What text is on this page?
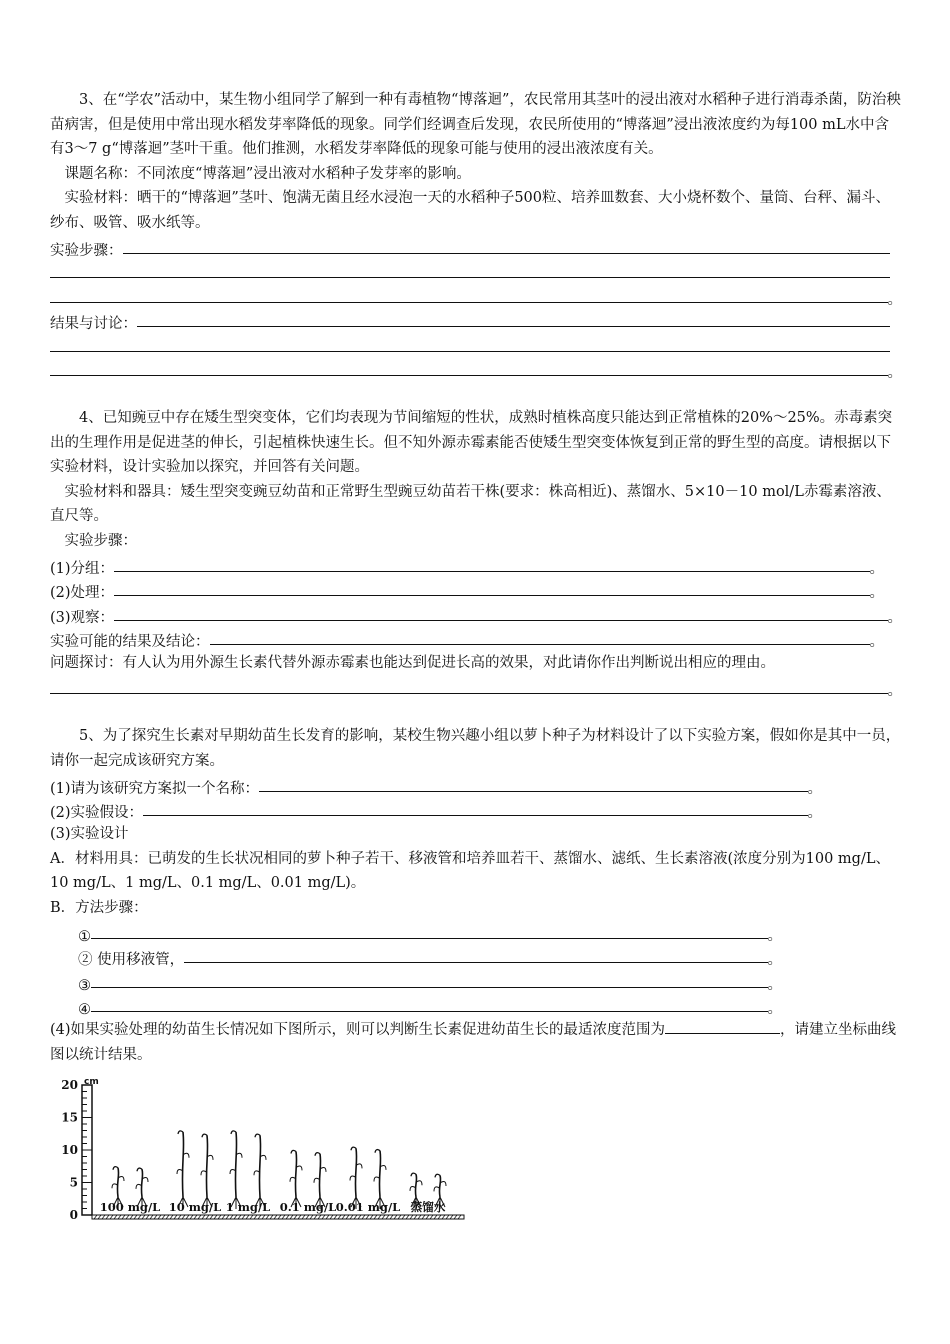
3、在“学农”活动中，某生物小组同学了解到一种有毒植物“博落迴”，农民常用其茎叶的浸出液对水稻种子进行消毒杀菌，防治秧苗病害，但是使用中常出现水稻发芽率降低的现象。同学们经调查后发现，农民所使用的“博落迴”浸出液浓度约为每100 mL水中含有3～7 g“博落迴”茎叶干重。他们推测，水稻发芽率降低的现象可能与使用的浸出液浓度有关。

课题名称：不同浓度“博落迴”浸出液对水稻种子发芽率的影响。

实验材料：晒干的“博落迴”茎叶、饱满无菌且经水浸泡一天的水稻种子500粒、培养皿数套、大小烧杯数个、量筒、台秤、漏斗、纱布、吸管、吸水纸等。

实验步骤：
。
结果与讨论：
。

4、已知豌豆中存在矮生型突变体，它们均表现为节间缩短的性状，成熟时植株高度只能达到正常植株的20%～25%。赤毒素突出的生理作用是促进茎的伸长，引起植株快速生长。但不知外源赤霉素能否使矮生型突变体恢复到正常的野生型的高度。请根据以下实验材料，设计实验加以探究，并回答有关问题。

实验材料和器具：矮生型突变豌豆幼苗和正常野生型豌豆幼苗若干株(要求：株高相近)、蒸馏水、5×10－10 mol/L赤霉素溶液、直尺等。

实验步骤：

(1)分组：	。
(2)处理：	。
(3)观察：	。
实验可能的结果及结论：	。

问题探讨：有人认为用外源生长素代替外源赤霉素也能达到促进长高的效果，对此请你作出判断说出相应的理由。

。

5、为了探究生长素对早期幼苗生长发育的影响，某校生物兴趣小组以萝卜种子为材料设计了以下实验方案，假如你是其中一员，请你一起完成该研究方案。

(1)请为该研究方案拟一个名称：	。
(2)实验假设：	。

(3)实验设计

A．材料用具：已萌发的生长状况相同的萝卜种子若干、移液管和培养皿若干、蒸馏水、滤纸、生长素溶液(浓度分别为100 mg/L、10 mg/L、1 mg/L、0.1 mg/L、0.01 mg/L)。

B．方法步骤：

①	。
② 使用移液管，	。
③	。
④	。

(4)如果实验处理的幼苗生长情况如下图所示，则可以判断生长素促进幼苗生长的最适浓度范围为	，请建立坐标曲线图以统计结果。

20
15
10
5
0
cm
100 mg/L 10 mg/L 1 mg/L 0.1 mg/L 0.01 mg/L 蒸馏水
